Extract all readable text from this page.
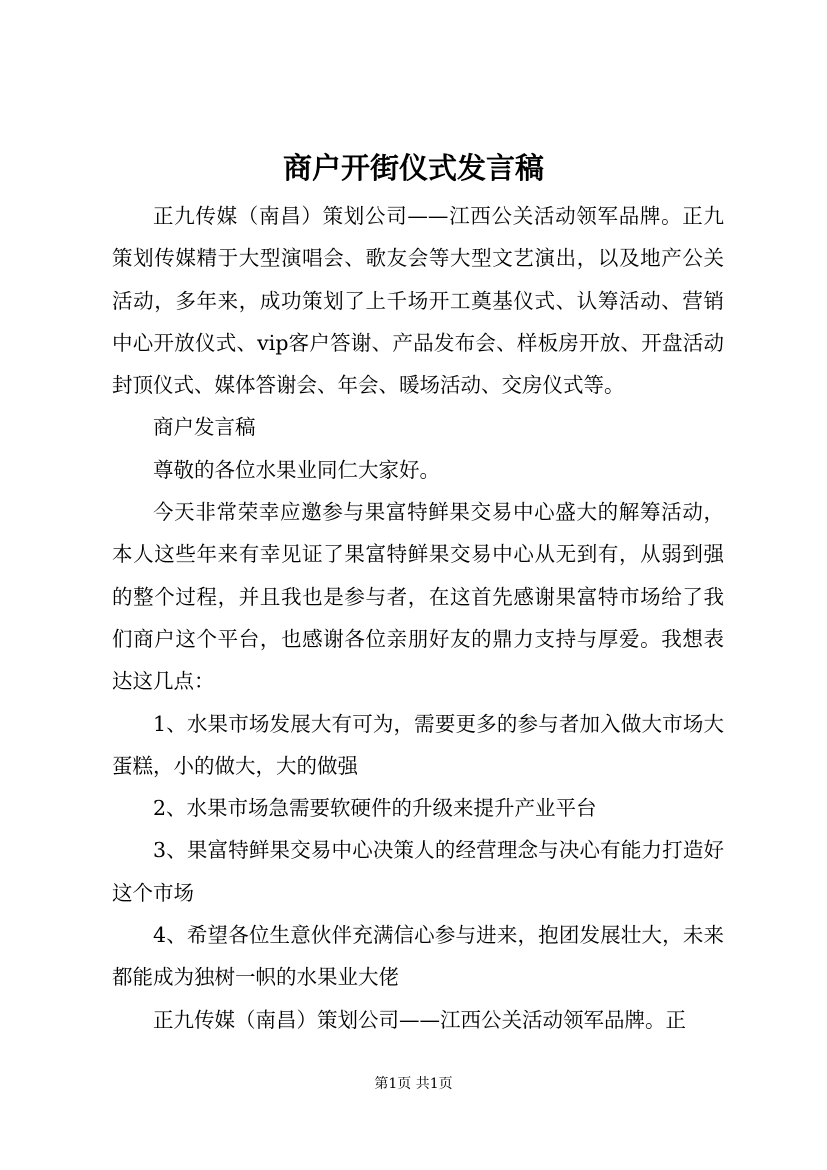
商户开街仪式发言稿

正九传媒（南昌）策划公司——江西公关活动领军品牌。正九策划传媒精于大型演唱会、歌友会等大型文艺演出，以及地产公关活动，多年来，成功策划了上千场开工奠基仪式、认筹活动、营销中心开放仪式、vip客户答谢、产品发布会、样板房开放、开盘活动封顶仪式、媒体答谢会、年会、暖场活动、交房仪式等。

商户发言稿

尊敬的各位水果业同仁大家好。

今天非常荣幸应邀参与果富特鲜果交易中心盛大的解筹活动，本人这些年来有幸见证了果富特鲜果交易中心从无到有，从弱到强的整个过程，并且我也是参与者，在这首先感谢果富特市场给了我们商户这个平台，也感谢各位亲朋好友的鼎力支持与厚爱。我想表达这几点：

1、水果市场发展大有可为，需要更多的参与者加入做大市场大蛋糕，小的做大，大的做强

2、水果市场急需要软硬件的升级来提升产业平台

3、果富特鲜果交易中心决策人的经营理念与决心有能力打造好这个市场

4、希望各位生意伙伴充满信心参与进来，抱团发展壮大，未来都能成为独树一帜的水果业大佬

正九传媒（南昌）策划公司——江西公关活动领军品牌。正

第1页 共1页
